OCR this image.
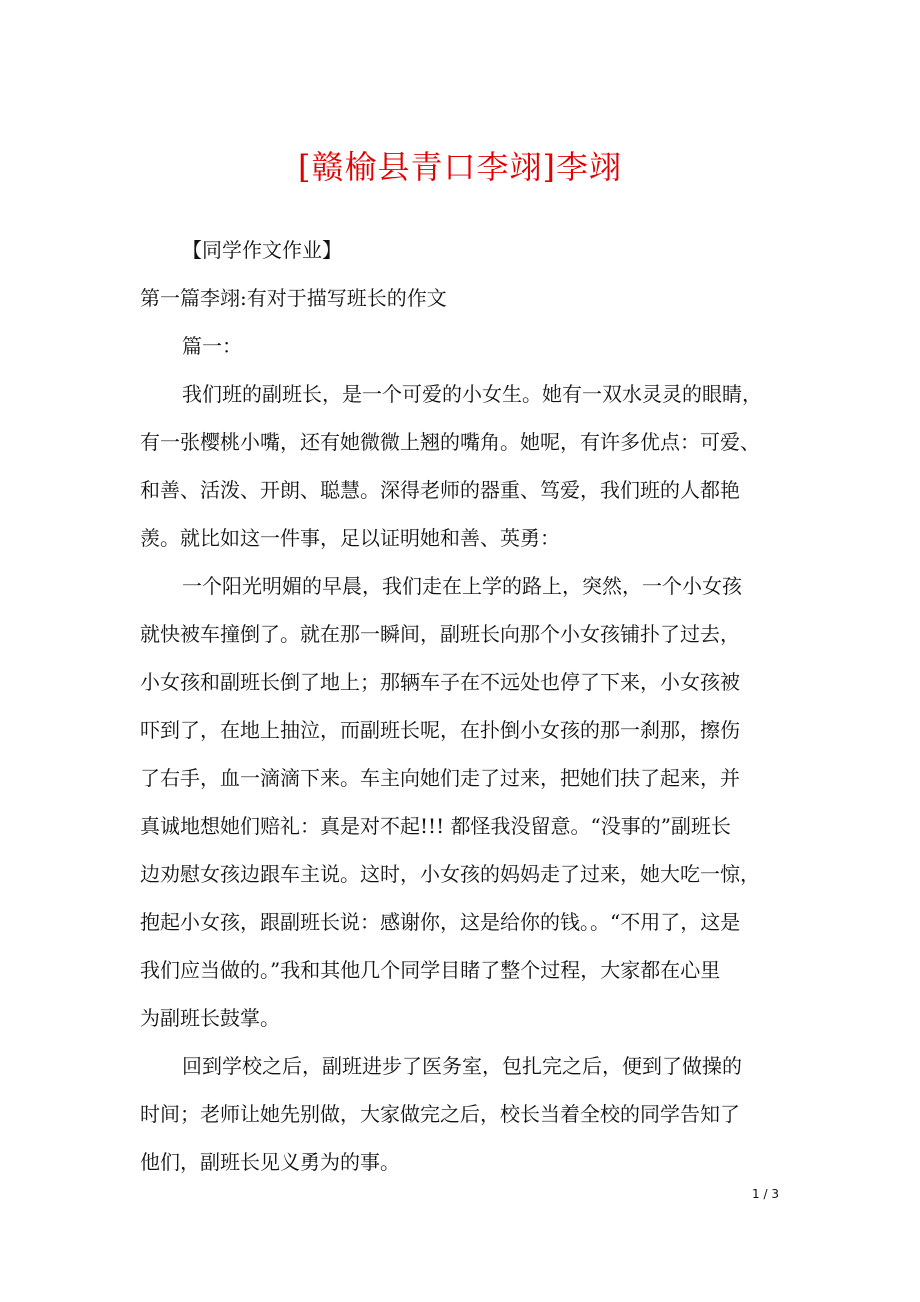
[赣榆县青口李翊]李翊
【同学作文作业】
第一篇李翊:有对于描写班长的作文
篇一：
我们班的副班长，是一个可爱的小女生。她有一双水灵灵的眼睛，
有一张樱桃小嘴，还有她微微上翘的嘴角。她呢，有许多优点：可爱、
和善、活泼、开朗、聪慧。深得老师的器重、笃爱，我们班的人都艳
羡。就比如这一件事，足以证明她和善、英勇：
一个阳光明媚的早晨，我们走在上学的路上，突然，一个小女孩
就快被车撞倒了。就在那一瞬间，副班长向那个小女孩铺扑了过去，
小女孩和副班长倒了地上；那辆车子在不远处也停了下来，小女孩被
吓到了，在地上抽泣，而副班长呢，在扑倒小女孩的那一刹那，擦伤
了右手，血一滴滴下来。车主向她们走了过来，把她们扶了起来，并
真诚地想她们赔礼：真是对不起!!! 都怪我没留意。“没事的”副班长
边劝慰女孩边跟车主说。这时，小女孩的妈妈走了过来，她大吃一惊，
抱起小女孩，跟副班长说：感谢你，这是给你的钱。。“不用了，这是
我们应当做的。”我和其他几个同学目睹了整个过程，大家都在心里
为副班长鼓掌。
回到学校之后，副班进步了医务室，包扎完之后，便到了做操的
时间；老师让她先别做，大家做完之后，校长当着全校的同学告知了
他们，副班长见义勇为的事。
1 / 3
